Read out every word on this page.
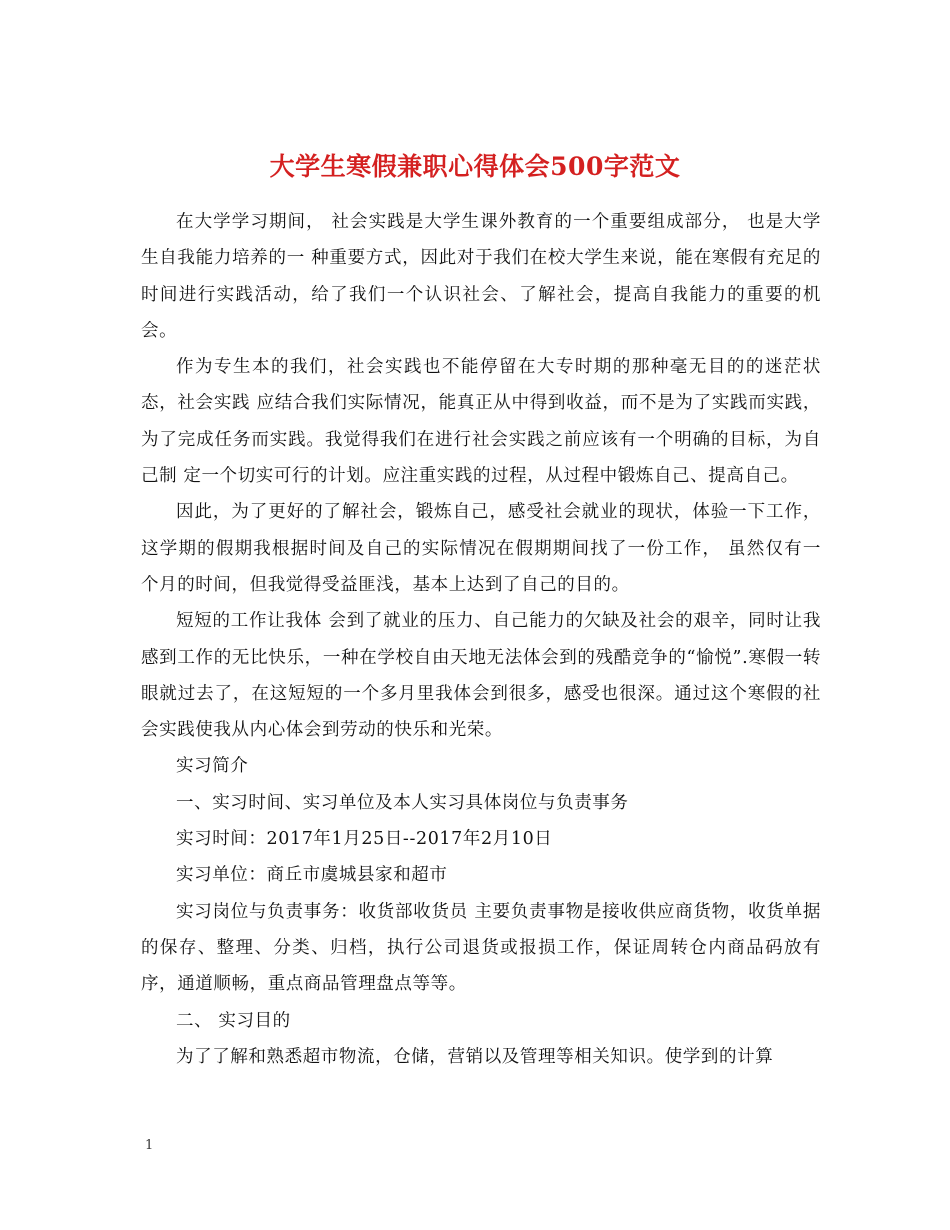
大学生寒假兼职心得体会500字范文

在大学学习期间， 社会实践是大学生课外教育的一个重要组成部分， 也是大学生自我能力培养的一 种重要方式，因此对于我们在校大学生来说，能在寒假有充足的时间进行实践活动，给了我们一个认识社会、了解社会，提高自我能力的重要的机会。

作为专生本的我们，社会实践也不能停留在大专时期的那种毫无目的的迷茫状态，社会实践 应结合我们实际情况，能真正从中得到收益，而不是为了实践而实践，为了完成任务而实践。我觉得我们在进行社会实践之前应该有一个明确的目标，为自己制 定一个切实可行的计划。应注重实践的过程，从过程中锻炼自己、提高自己。

因此，为了更好的了解社会，锻炼自己，感受社会就业的现状，体验一下工作，这学期的假期我根据时间及自己的实际情况在假期期间找了一份工作， 虽然仅有一 个月的时间，但我觉得受益匪浅，基本上达到了自己的目的。

短短的工作让我体 会到了就业的压力、自己能力的欠缺及社会的艰辛，同时让我感到工作的无比快乐，一种在学校自由天地无法体会到的残酷竞争的“愉悦”.寒假一转眼就过去了，在这短短的一个多月里我体会到很多，感受也很深。通过这个寒假的社会实践使我从内心体会到劳动的快乐和光荣。

实习简介

一、实习时间、实习单位及本人实习具体岗位与负责事务

实习时间：2017年1月25日--2017年2月10日

实习单位：商丘市虞城县家和超市

实习岗位与负责事务：收货部收货员 主要负责事物是接收供应商货物，收货单据的保存、整理、分类、归档，执行公司退货或报损工作，保证周转仓内商品码放有序，通道顺畅，重点商品管理盘点等等。

二、 实习目的

为了了解和熟悉超市物流，仓储，营销以及管理等相关知识。使学到的计算

1
